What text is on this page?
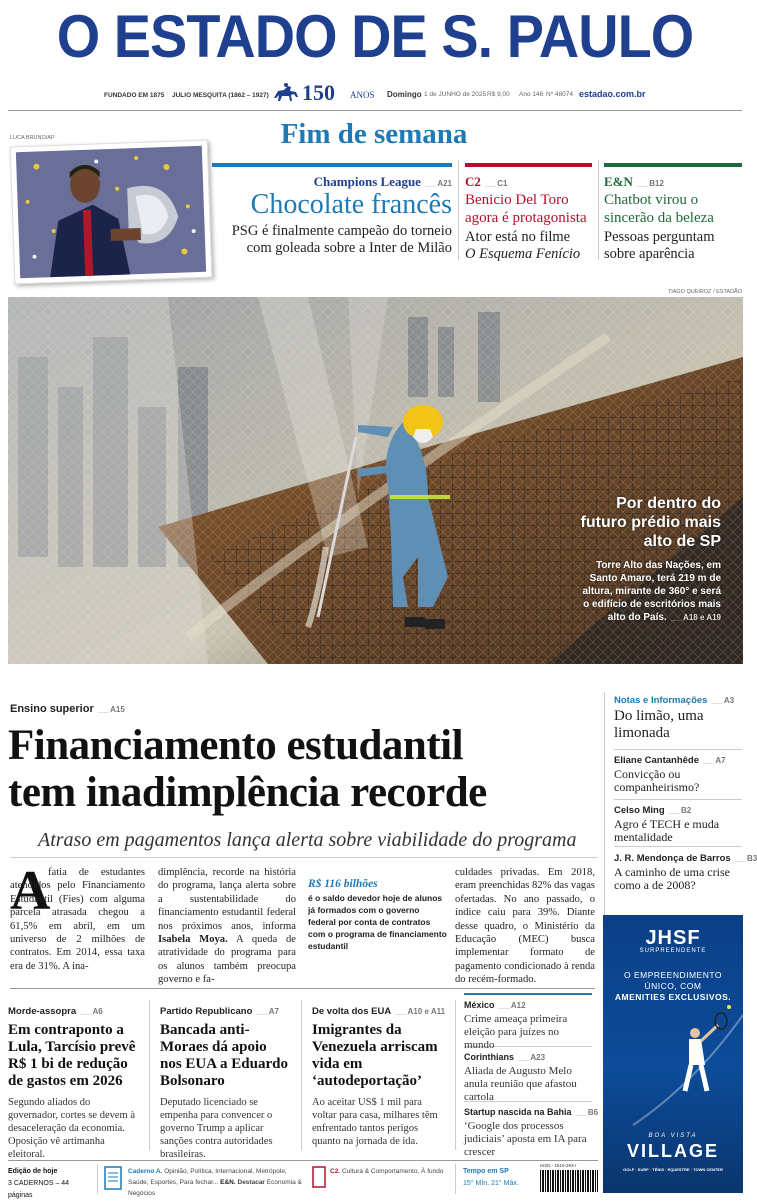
O ESTADO DE S. PAULO
FUNDADO EM 1875 JULIO MESQUITA (1862 – 1927) 150 ANOS Domingo 1 de JUNHO de 2025 R$ 9,00 Ano 146 Nº 48074 estadao.com.br
Fim de semana
LUCA BRUNO/AP
Champions League ___ A21
Chocolate francês
PSG é finalmente campeão do torneio com goleada sobre a Inter de Milão
C2 ___ C1
Benicio Del Toro agora é protagonista
Ator está no filme
O Esquema Fenício
E&N ___ B12
Chatbot virou o sincerão da beleza
Pessoas perguntam sobre aparência
TIAGO QUEIROZ / ESTADÃO
Por dentro do futuro prédio mais alto de SP
Torre Alto das Nações, em Santo Amaro, terá 219 m de altura, mirante de 360° e será o edifício de escritórios mais alto do País. ___ A18 e A19
Ensino superior ___ A15
Financiamento estudantil
tem inadimplência recorde
Atraso em pagamentos lança alerta sobre viabilidade do programa
A

fatia de estudantes atendidos pelo Financiamento Estudantil (Fies) com alguma parcela atrasada chegou a 61,5% em abril, em um universo de 2 milhões de contratos. Em 2014, essa taxa era de 31%. A ina-

dimplência, recorde na história do programa, lança alerta sobre a sustentabilidade do financiamento estudantil federal nos próximos anos, informa Isabela Moya. A queda de atratividade do programa para os alunos também preocupa governo e fa-

R$ 116 bilhões
é o saldo devedor hoje de alunos já formados com o governo federal por conta de contratos com o programa de financiamento estudantil

culdades privadas. Em 2018, eram preenchidas 82% das vagas ofertadas. No ano passado, o índice caiu para 39%. Diante desse quadro, o Ministério da Educação (MEC) busca implementar formato de pagamento condicionado à renda do recém-formado.

Notas e Informações ___ A3
Do limão, uma limonada
Eliane Cantanhêde ___ A7
Convicção ou companheirismo?
Celso Ming ___ B2
Agro é TECH e muda mentalidade
J. R. Mendonça de Barros ___ B3
A caminho de uma crise como a de 2008?
Morde-assopra ___ A6
Em contraponto a Lula, Tarcísio prevê R$ 1 bi de redução de gastos em 2026
Segundo aliados do governador, cortes se devem à desaceleração da economia. Oposição vê artimanha eleitoral.
Partido Republicano ___ A7
Bancada anti-Moraes dá apoio nos EUA a Eduardo Bolsonaro
Deputado licenciado se empenha para convencer o governo Trump a aplicar sanções contra autoridades brasileiras.
De volta dos EUA ___ A10 e A11
Imigrantes da Venezuela arriscam vida em ‘autodeportação’
Ao aceitar US$ 1 mil para voltar para casa, milhares têm enfrentado tantos perigos quanto na jornada de ida.
México ___ A12
Crime ameaça primeira eleição para juízes no mundo
Corinthians ___ A23
Aliada de Augusto Melo anula reunião que afastou cartola
Startup nascida na Bahia ___ B6
‘Google dos processos judiciais’ aposta em IA para crescer
JHSF
SURPREENDENTE
O EMPREENDIMENTO
ÚNICO, COM
AMENITIES EXCLUSIVOS.
BOA VISTA
VILLAGE
GOLF · SURF · TÊNIS · EQUESTRE · TOWN CENTER
Edição de hoje
3 CADERNOS – 44 páginas
Caderno A. Opinião, Política, Internacional, Metrópole, Saúde, Esportes, Para fechar... E&N. Destacar Economia & Negócios
C2. Cultura & Comportamento, À fundo	Tempo em SP
15° Mín. 21° Máx.
ISSN - 1516-293-/
